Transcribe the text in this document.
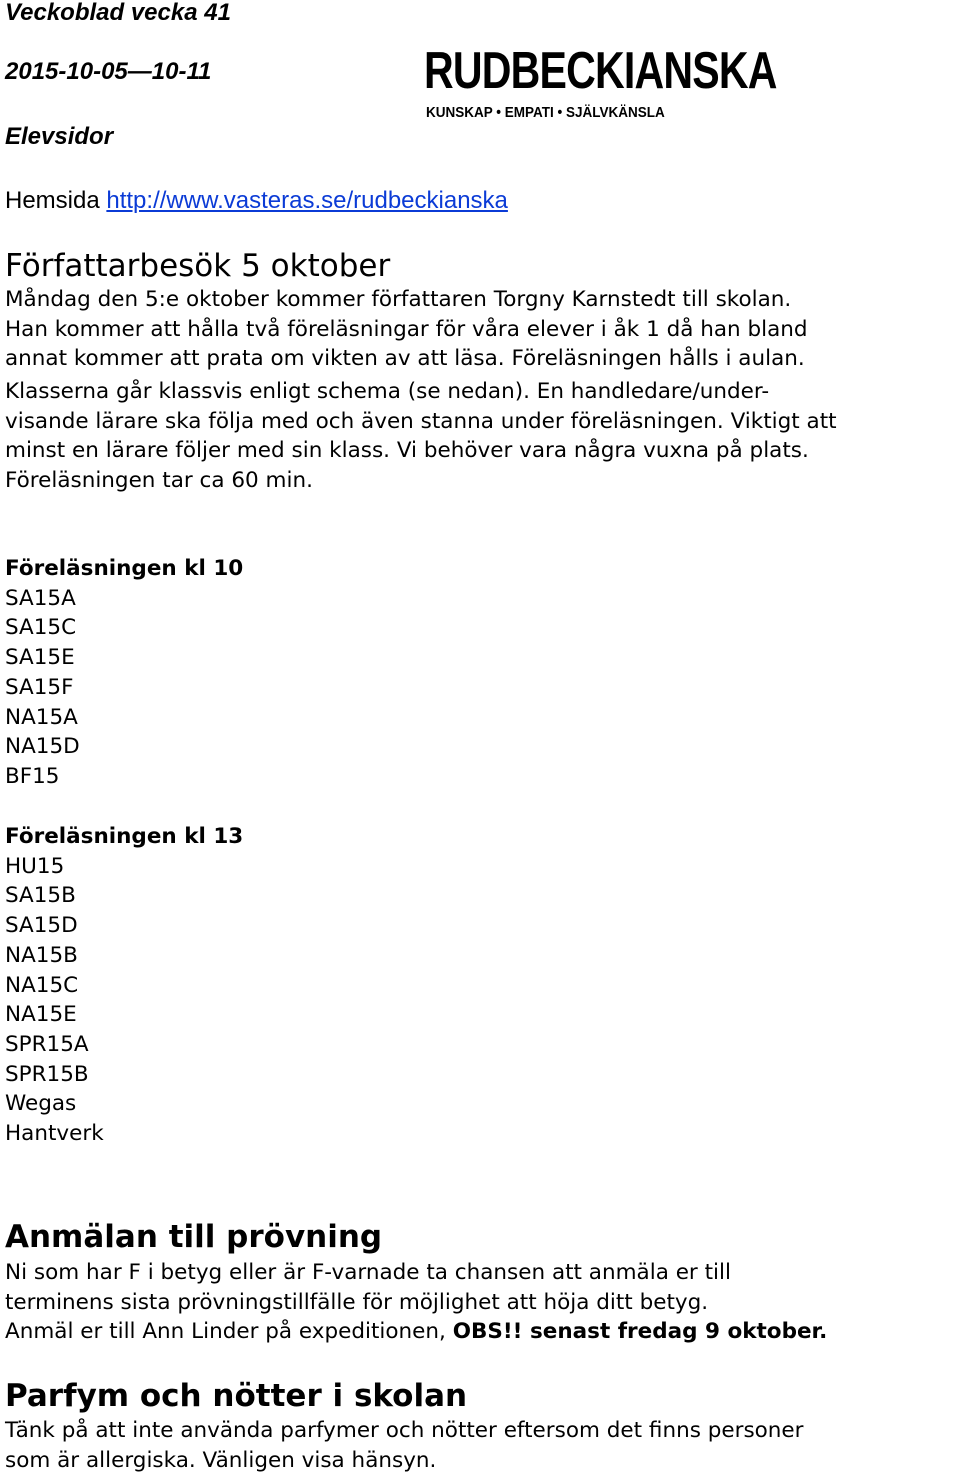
Veckoblad vecka 41
2015-10-05—10-11
Elevsidor
RUDBECKIANSKA
KUNSKAP • EMPATI • SJÄLVKÄNSLA
Hemsida http://www.vasteras.se/rudbeckianska
Författarbesök 5 oktober
Måndag den 5:e oktober kommer författaren Torgny Karnstedt till skolan.
Han kommer att hålla två föreläsningar för våra elever i åk 1 då han bland
annat kommer att prata om vikten av att läsa. Föreläsningen hålls i aulan.
Klasserna går klassvis enligt schema (se nedan). En handledare/under-
visande lärare ska följa med och även stanna under föreläsningen. Viktigt att
minst en lärare följer med sin klass. Vi behöver vara några vuxna på plats.
Föreläsningen tar ca 60 min.
Föreläsningen kl 10
SA15A
SA15C
SA15E
SA15F
NA15A
NA15D
BF15
Föreläsningen kl 13
HU15
SA15B
SA15D
NA15B
NA15C
NA15E
SPR15A
SPR15B
Wegas
Hantverk
Anmälan till prövning
Ni som har F i betyg eller är F-varnade ta chansen att anmäla er till
terminens sista prövningstillfälle för möjlighet att höja ditt betyg.
Anmäl er till Ann Linder på expeditionen, OBS!! senast fredag 9 oktober.
Parfym och nötter i skolan
Tänk på att inte använda parfymer och nötter eftersom det finns personer
som är allergiska. Vänligen visa hänsyn.
